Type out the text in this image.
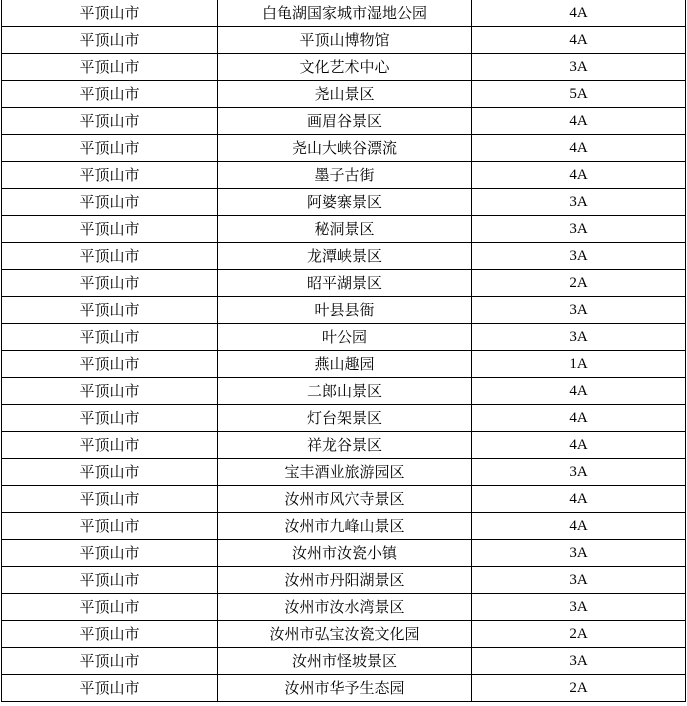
平顶山市	白龟湖国家城市湿地公园	4A
平顶山市	平顶山博物馆	4A
平顶山市	文化艺术中心	3A
平顶山市	尧山景区	5A
平顶山市	画眉谷景区	4A
平顶山市	尧山大峡谷漂流	4A
平顶山市	墨子古街	4A
平顶山市	阿婆寨景区	3A
平顶山市	秘洞景区	3A
平顶山市	龙潭峡景区	3A
平顶山市	昭平湖景区	2A
平顶山市	叶县县衙	3A
平顶山市	叶公园	3A
平顶山市	燕山趣园	1A
平顶山市	二郎山景区	4A
平顶山市	灯台架景区	4A
平顶山市	祥龙谷景区	4A
平顶山市	宝丰酒业旅游园区	3A
平顶山市	汝州市风穴寺景区	4A
平顶山市	汝州市九峰山景区	4A
平顶山市	汝州市汝瓷小镇	3A
平顶山市	汝州市丹阳湖景区	3A
平顶山市	汝州市汝水湾景区	3A
平顶山市	汝州市弘宝汝瓷文化园	2A
平顶山市	汝州市怪坡景区	3A
平顶山市	汝州市华予生态园	2A
